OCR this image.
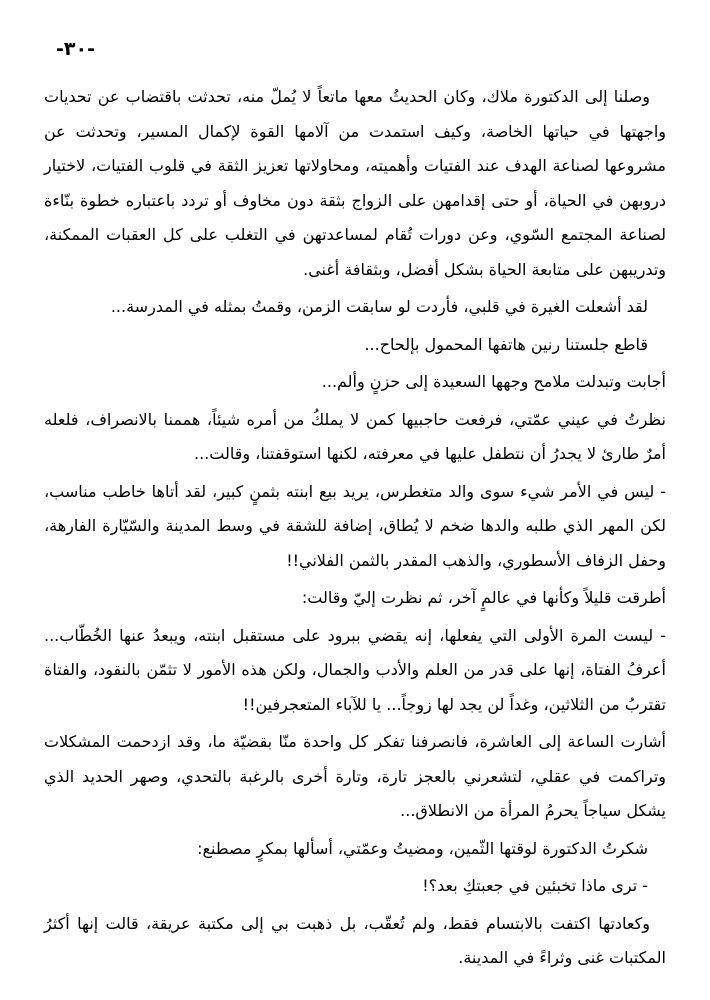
-٣٠-

وصلنا إلى الدكتورة ملاك، وكان الحديثُ معها ماتعاً لا يُملّ منه، تحدثت باقتضاب عن تحديات واجهتها في حياتها الخاصة، وكيف استمدت من آلامها القوة لإكمال المسير، وتحدثت عن مشروعها لصناعة الهدف عند الفتيات وأهميته، ومحاولاتها تعزيز الثقة في قلوب الفتيات، لاختيار دروبهن في الحياة، أو حتى إقدامهن على الزواج بثقة دون مخاوف أو تردد باعتباره خطوة بنّاءة لصناعة المجتمع السّوي، وعن دورات تُقام لمساعدتهن في التغلب على كل العقبات الممكنة، وتدريبهن على متابعة الحياة بشكل أفضل، وبثقافة أغنى.

لقد أشعلت الغيرة في قلبي، فأردت لو سابقت الزمن، وقمتُ بمثله في المدرسة...

قاطع جلستنا رنين هاتفها المحمول بإلحاح...

أجابت وتبدلت ملامح وجهها السعيدة إلى حزنٍ وألم...

نظرتُ في عيني عمّتي، فرفعت حاجبيها كمن لا يملكُ من أمره شيئاً، هممنا بالانصراف، فلعله أمرٌ طارئ لا يجدرُ أن نتطفل عليها في معرفته، لكنها استوقفتنا، وقالت...

- ليس في الأمر شيء سوى والد متغطرس، يريد بيع ابنته بثمنٍ كبير، لقد أتاها خاطب مناسب، لكن المهر الذي طلبه والدها ضخم لا يُطاق، إضافة للشقة في وسط المدينة والسّيّارة الفارهة، وحفل الزفاف الأسطوري، والذهب المقدر بالثمن الفلاني!!

أطرقت قليلاً وكأنها في عالمٍ آخر، ثم نظرت إليّ وقالت:

- ليست المرة الأولى التي يفعلها، إنه يقضي ببرود على مستقبل ابنته، ويبعدُ عنها الخُطّاب... أعرفُ الفتاة، إنها على قدر من العلم والأدب والجمال، ولكن هذه الأمور لا تثمّن بالنقود، والفتاة تقتربُ من الثلاثين، وغداً لن يجد لها زوجاً... يا للآباء المتعجرفين!!

أشارت الساعة إلى العاشرة، فانصرفنا تفكر كل واحدة منّا بقضيّة ما، وقد ازدحمت المشكلات وتراكمت في عقلي، لتشعرني بالعجز تارة، وتارة أخرى بالرغبة بالتحدي، وصهر الحديد الذي يشكل سياجاً يحرمُ المرأة من الانطلاق...

شكرتُ الدكتورة لوقتها الثّمين، ومضيتُ وعمّتي، أسألها بمكرٍ مصطنع:

- ترى ماذا تخبئين في جعبتكِ بعد؟!

وكعادتها اكتفت بالابتسام فقط، ولم تُعقّب، بل ذهبت بي إلى مكتبة عريقة، قالت إنها أكثرُ المكتبات غنى وثراءً في المدينة.
